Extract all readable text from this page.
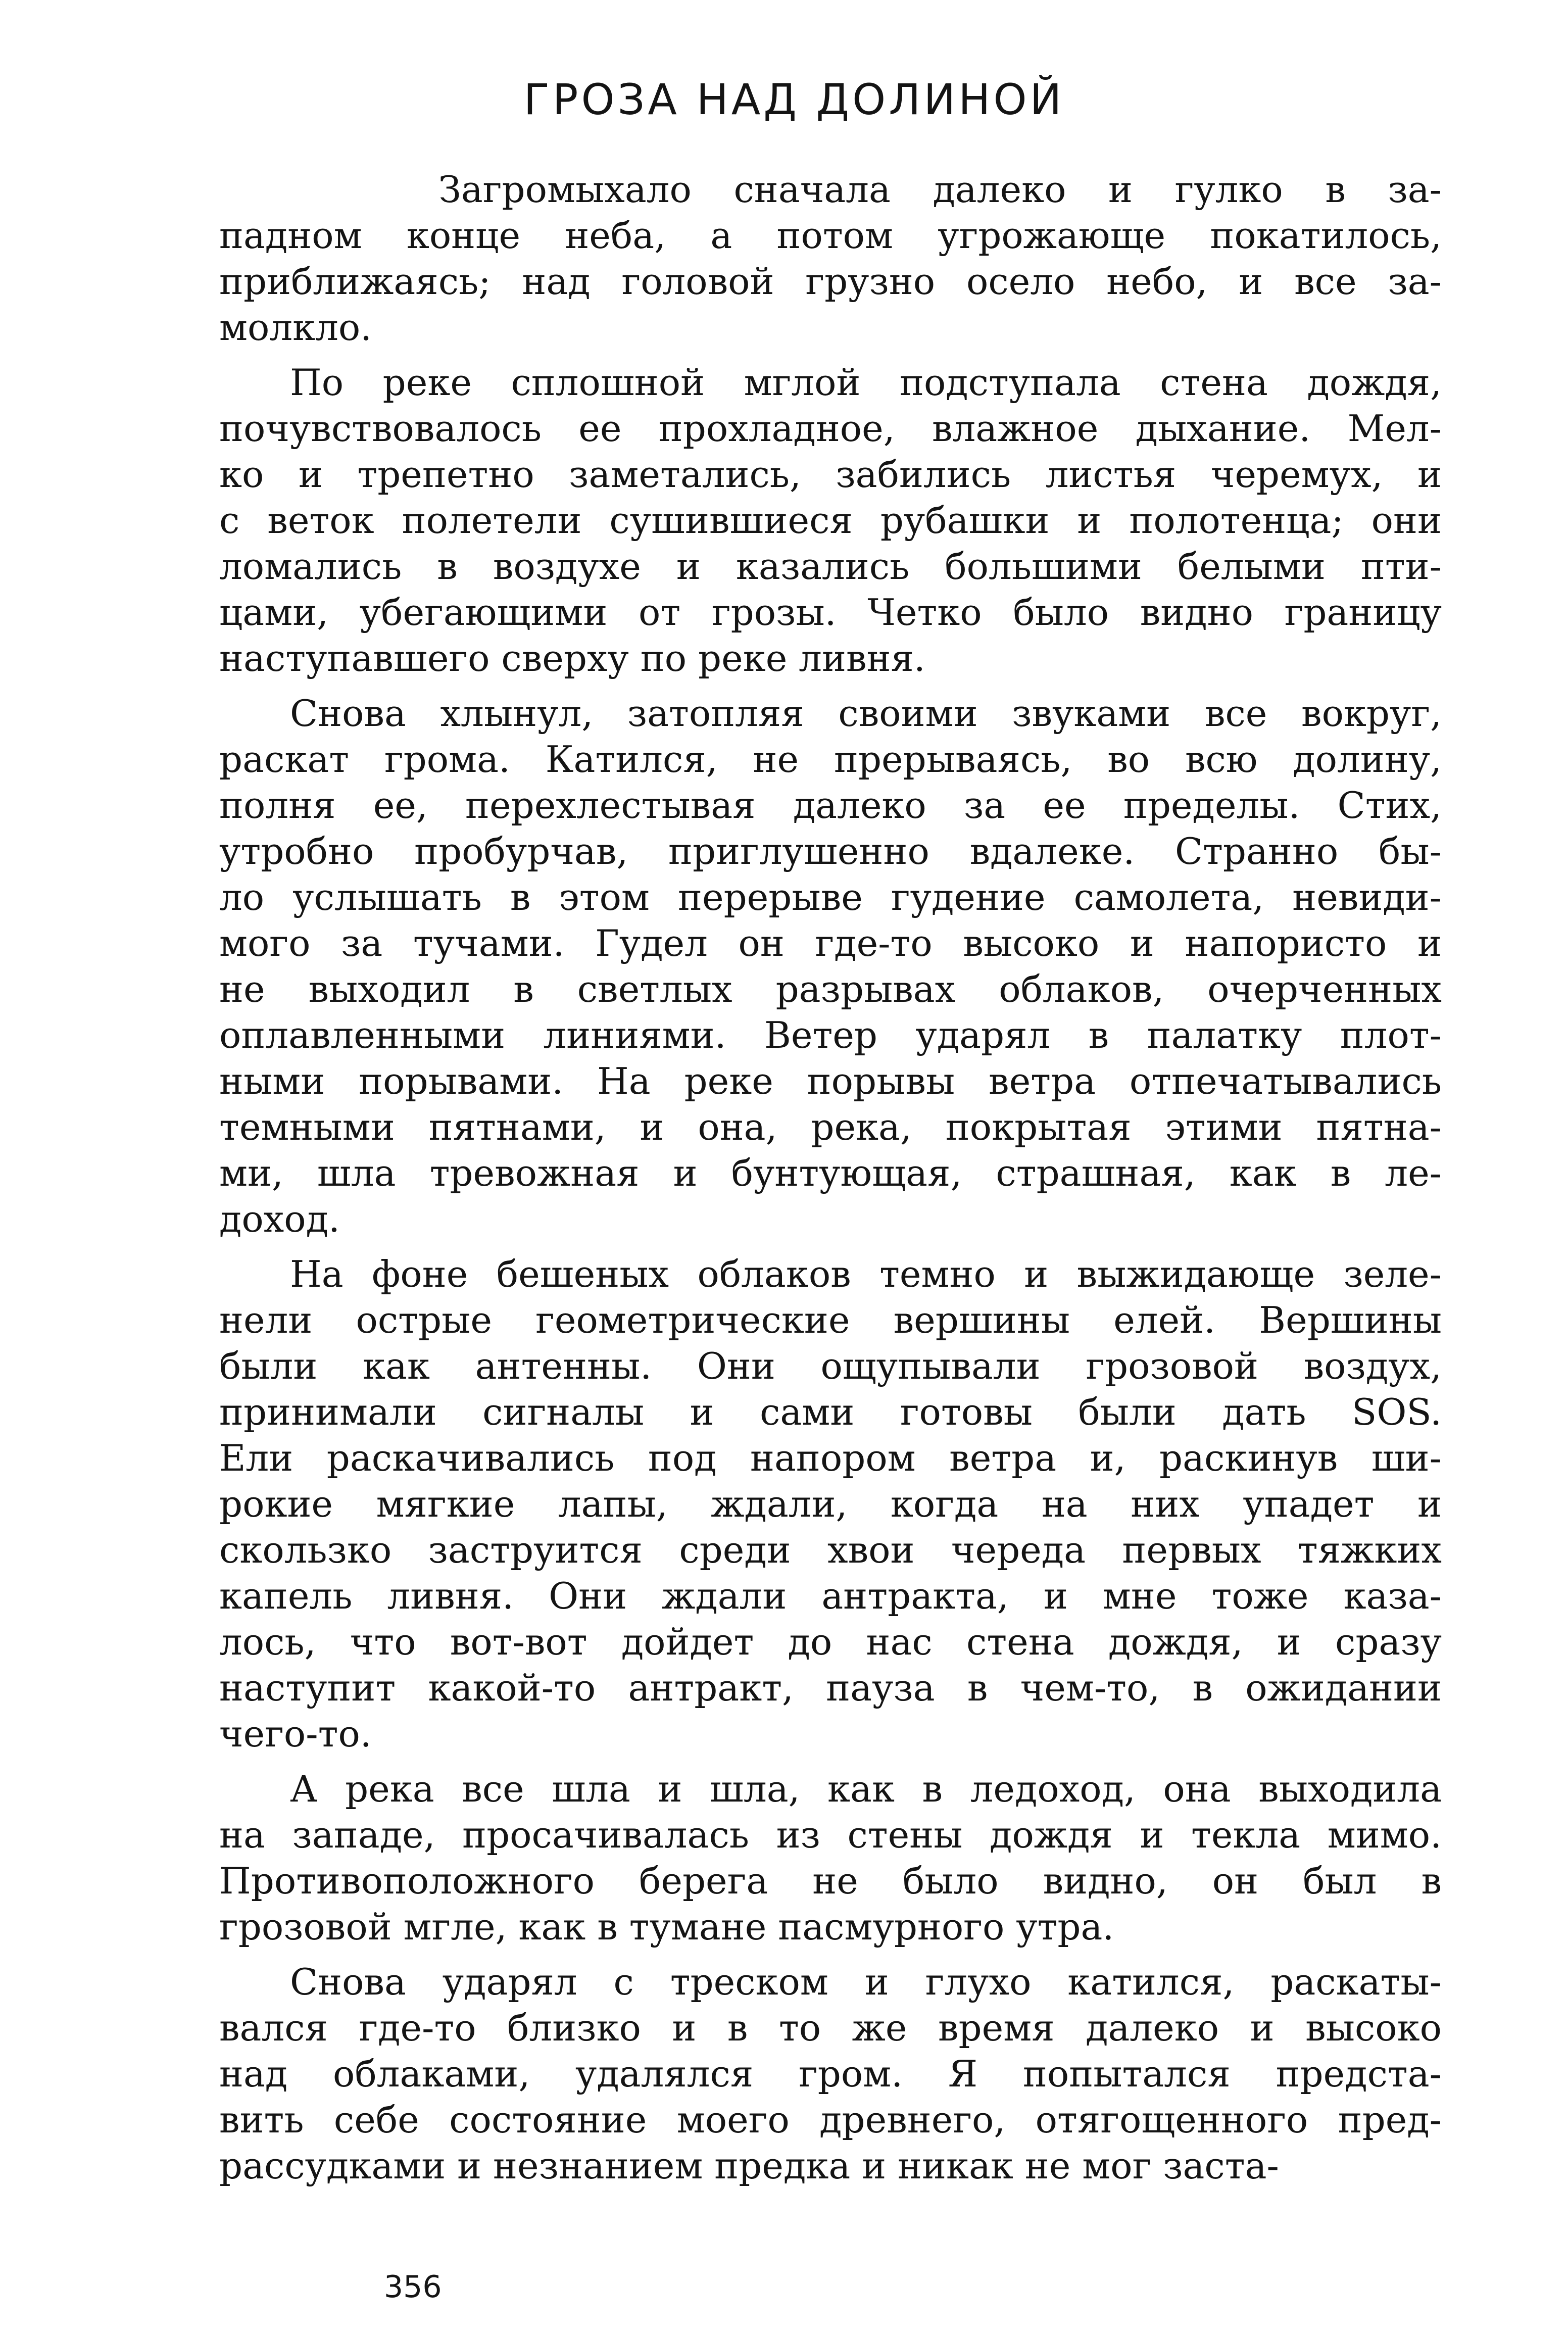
ГРОЗА НАД ДОЛИНОЙ
Загромыхало сначала далеко и гулко в за-
падном конце неба, а потом угрожающе покатилось,
приближаясь; над головой грузно осело небо, и все за-
молкло.
По реке сплошной мглой подступала стена дождя,
почувствовалось ее прохладное, влажное дыхание. Мел-
ко и трепетно заметались, забились листья черемух, и
с веток полетели сушившиеся рубашки и полотенца; они
ломались в воздухе и казались большими белыми пти-
цами, убегающими от грозы. Четко было видно границу
наступавшего сверху по реке ливня.
Снова хлынул, затопляя своими звуками все вокруг,
раскат грома. Катился, не прерываясь, во всю долину,
полня ее, перехлестывая далеко за ее пределы. Стих,
утробно пробурчав, приглушенно вдалеке. Странно бы-
ло услышать в этом перерыве гудение самолета, невиди-
мого за тучами. Гудел он где-то высоко и напористо и
не выходил в светлых разрывах облаков, очерченных
оплавленными линиями. Ветер ударял в палатку плот-
ными порывами. На реке порывы ветра отпечатывались
темными пятнами, и она, река, покрытая этими пятна-
ми, шла тревожная и бунтующая, страшная, как в ле-
доход.
На фоне бешеных облаков темно и выжидающе зеле-
нели острые геометрические вершины елей. Вершины
были как антенны. Они ощупывали грозовой воздух,
принимали сигналы и сами готовы были дать SOS.
Ели раскачивались под напором ветра и, раскинув ши-
рокие мягкие лапы, ждали, когда на них упадет и
скользко заструится среди хвои череда первых тяжких
капель ливня. Они ждали антракта, и мне тоже каза-
лось, что вот-вот дойдет до нас стена дождя, и сразу
наступит какой-то антракт, пауза в чем-то, в ожидании
чего-то.
А река все шла и шла, как в ледоход, она выходила
на западе, просачивалась из стены дождя и текла мимо.
Противоположного берега не было видно, он был в
грозовой мгле, как в тумане пасмурного утра.
Снова ударял с треском и глухо катился, раскаты-
вался где-то близко и в то же время далеко и высоко
над облаками, удалялся гром. Я попытался предста-
вить себе состояние моего древнего, отягощенного пред-
рассудками и незнанием предка и никак не мог заста-
356
